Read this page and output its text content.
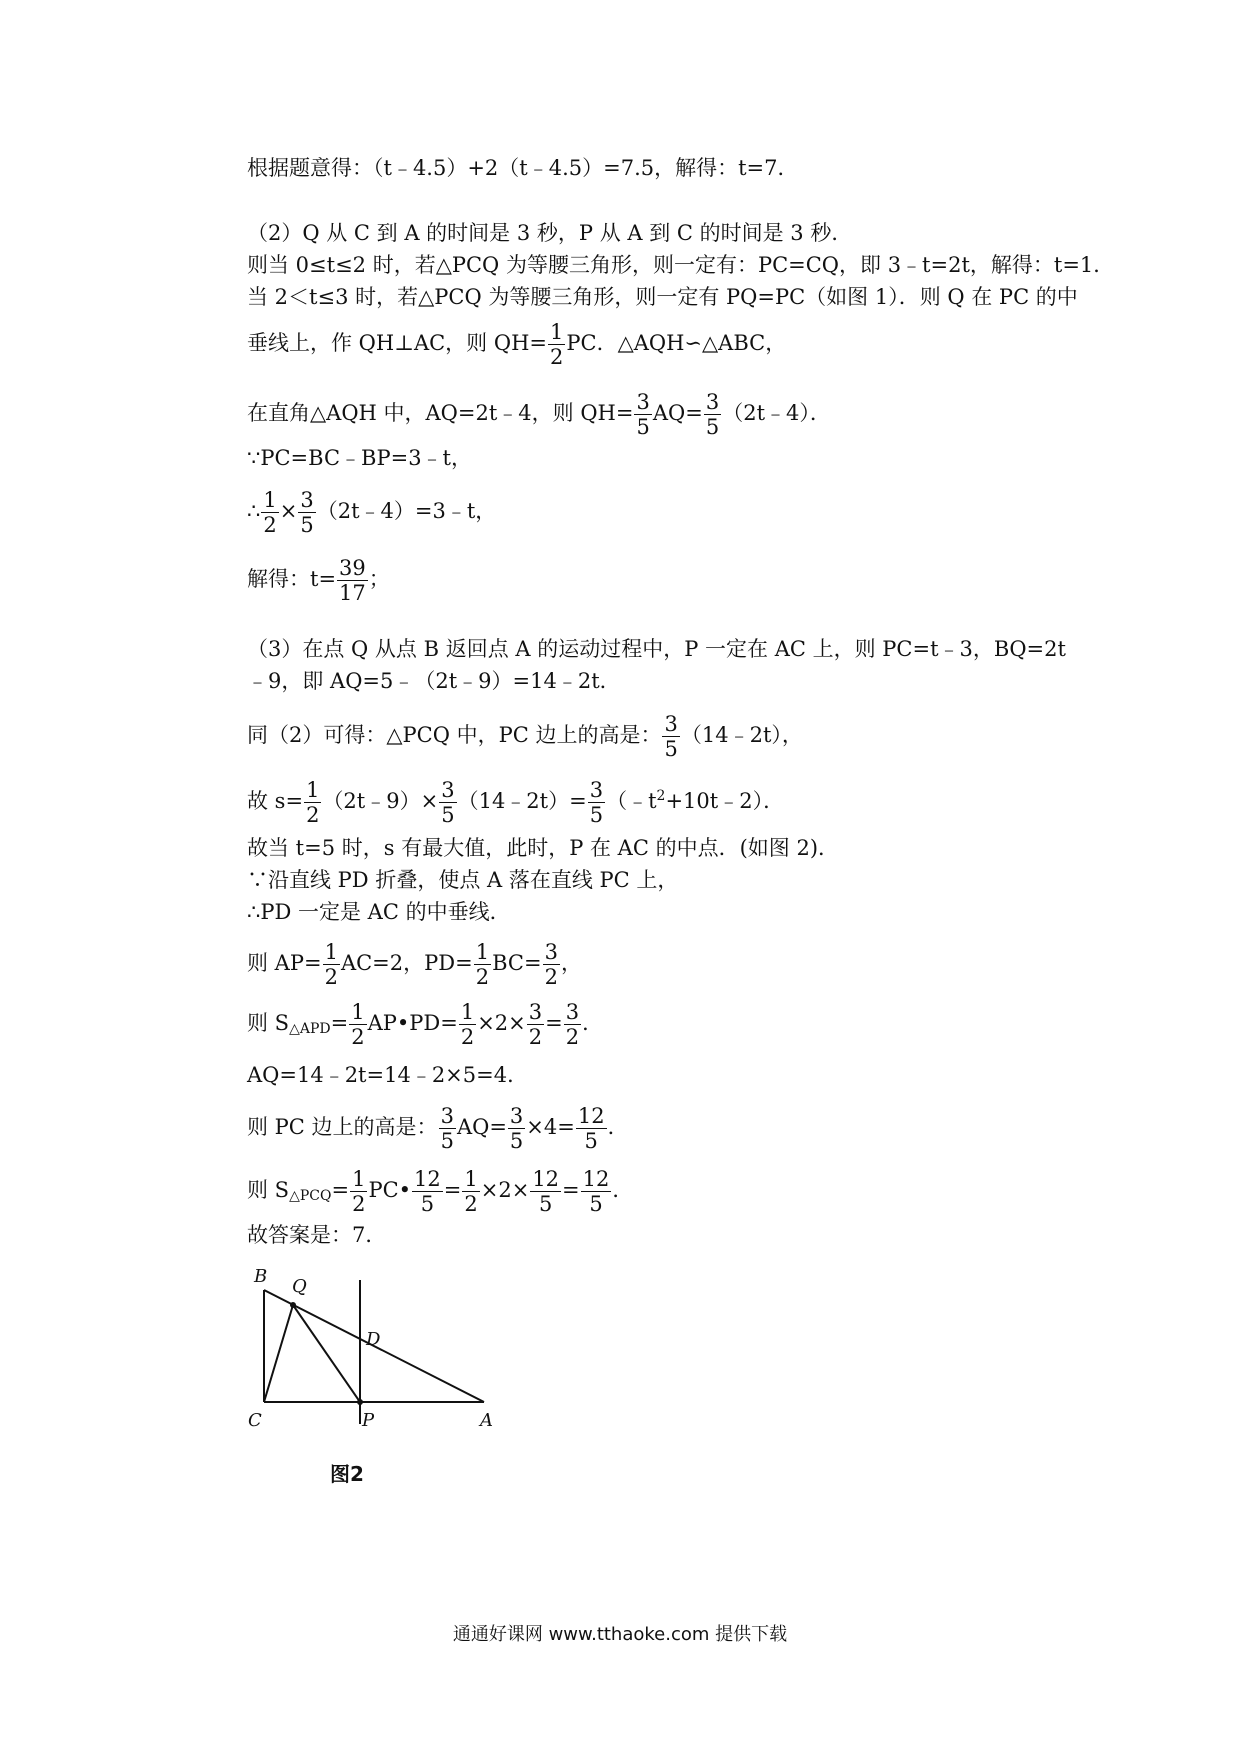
根据题意得：（t﹣4.5）+2（t﹣4.5）=7.5，解得：t=7．
（2）Q 从 C 到 A 的时间是 3 秒，P 从 A 到 C 的时间是 3 秒．
则当 0≤t≤2 时，若△PCQ 为等腰三角形，则一定有：PC=CQ，即 3﹣t=2t，解得：t=1．
当 2＜t≤3 时，若△PCQ 为等腰三角形，则一定有 PQ=PC（如图 1）．则 Q 在 PC 的中
垂线上，作 QH⊥AC，则 $QH= \frac{1}{2}$ PC．△AQH∽△ABC，
在直角△AQH 中，AQ=2t﹣4，则 $QH= \frac{3}{5} AQ= \frac{3}{5}$ （2t﹣4）．
∵PC=BC﹣BP=3﹣t，
∴ $\frac{1}{2} \times \frac{3}{5}$ （2t﹣4）=3﹣t，
解得：$t= \frac{39}{17}$ ；
（3）在点 Q 从点 B 返回点 A 的运动过程中，P 一定在 AC 上，则 PC=t﹣3，BQ=2t
﹣9，即 AQ=5﹣（2t﹣9）=14﹣2t．
同（2）可得：△PCQ 中，PC 边上的高是： $\frac{3}{5}$ （14﹣2t），
故 $s= \frac{1}{2}$ （2t﹣9）× $\frac{3}{5}$ （14﹣2t）= $\frac{3}{5}$ $(﹣t^2+10t﹣2)$．
故当 t=5 时，s 有最大值，此时，P 在 AC 的中点．(如图 2)．
∵沿直线 PD 折叠，使点 A 落在直线 PC 上，
∴PD 一定是 AC 的中垂线．
则 $AP= \frac{1}{2} AC=2$，$PD= \frac{1}{2} BC= \frac{3}{2}$ ，
则 $S_{\triangle APD}= \frac{1}{2}$ AP•PD= $\frac{1}{2} \times 2\times \frac{3}{2} = \frac{3}{2}$ ．
AQ=14﹣2t=14﹣2×5=4．
则 PC 边上的高是： $\frac{3}{5} AQ= \frac{3}{5} \times 4= \frac{12}{5}$ ．
则 $S_{\triangle PCQ}= \frac{1}{2}$ PC• $\frac{12}{5} = \frac{1}{2} \times 2\times \frac{12}{5} = \frac{12}{5}$ ．
故答案是：7．
B Q
D
C	P	A
图2
通通好课网 www.tthaoke.com 提供下载
